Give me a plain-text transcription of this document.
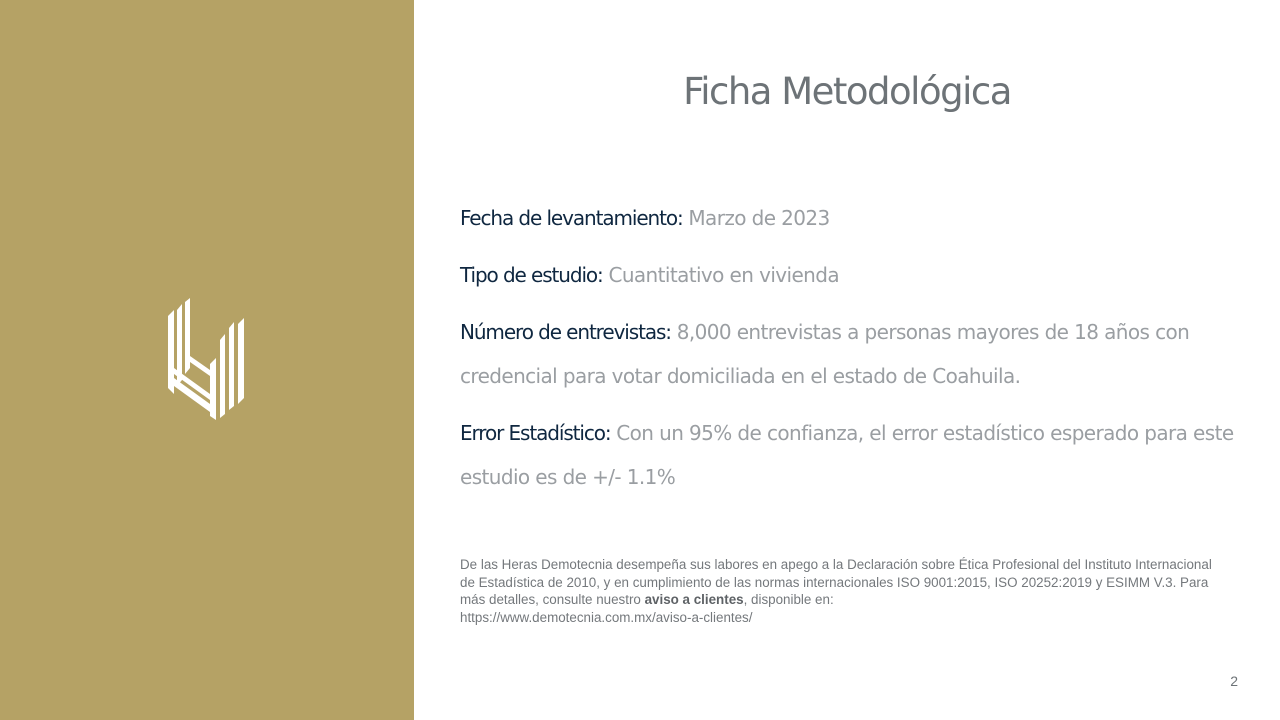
Ficha Metodológica

Fecha de levantamiento: Marzo de 2023

Tipo de estudio: Cuantitativo en vivienda

Número de entrevistas: 8,000 entrevistas a personas mayores de 18 años con credencial para votar domiciliada en el estado de Coahuila.

Error Estadístico: Con un 95% de confianza, el error estadístico esperado para este estudio es de +/- 1.1%

De las Heras Demotecnia desempeña sus labores en apego a la Declaración sobre Ética Profesional del Instituto Internacional de Estadística de 2010, y en cumplimiento de las normas internacionales ISO 9001:2015, ISO 20252:2019 y ESIMM V.3. Para más detalles, consulte nuestro aviso a clientes, disponible en:
https://www.demotecnia.com.mx/aviso-a-clientes/

2
